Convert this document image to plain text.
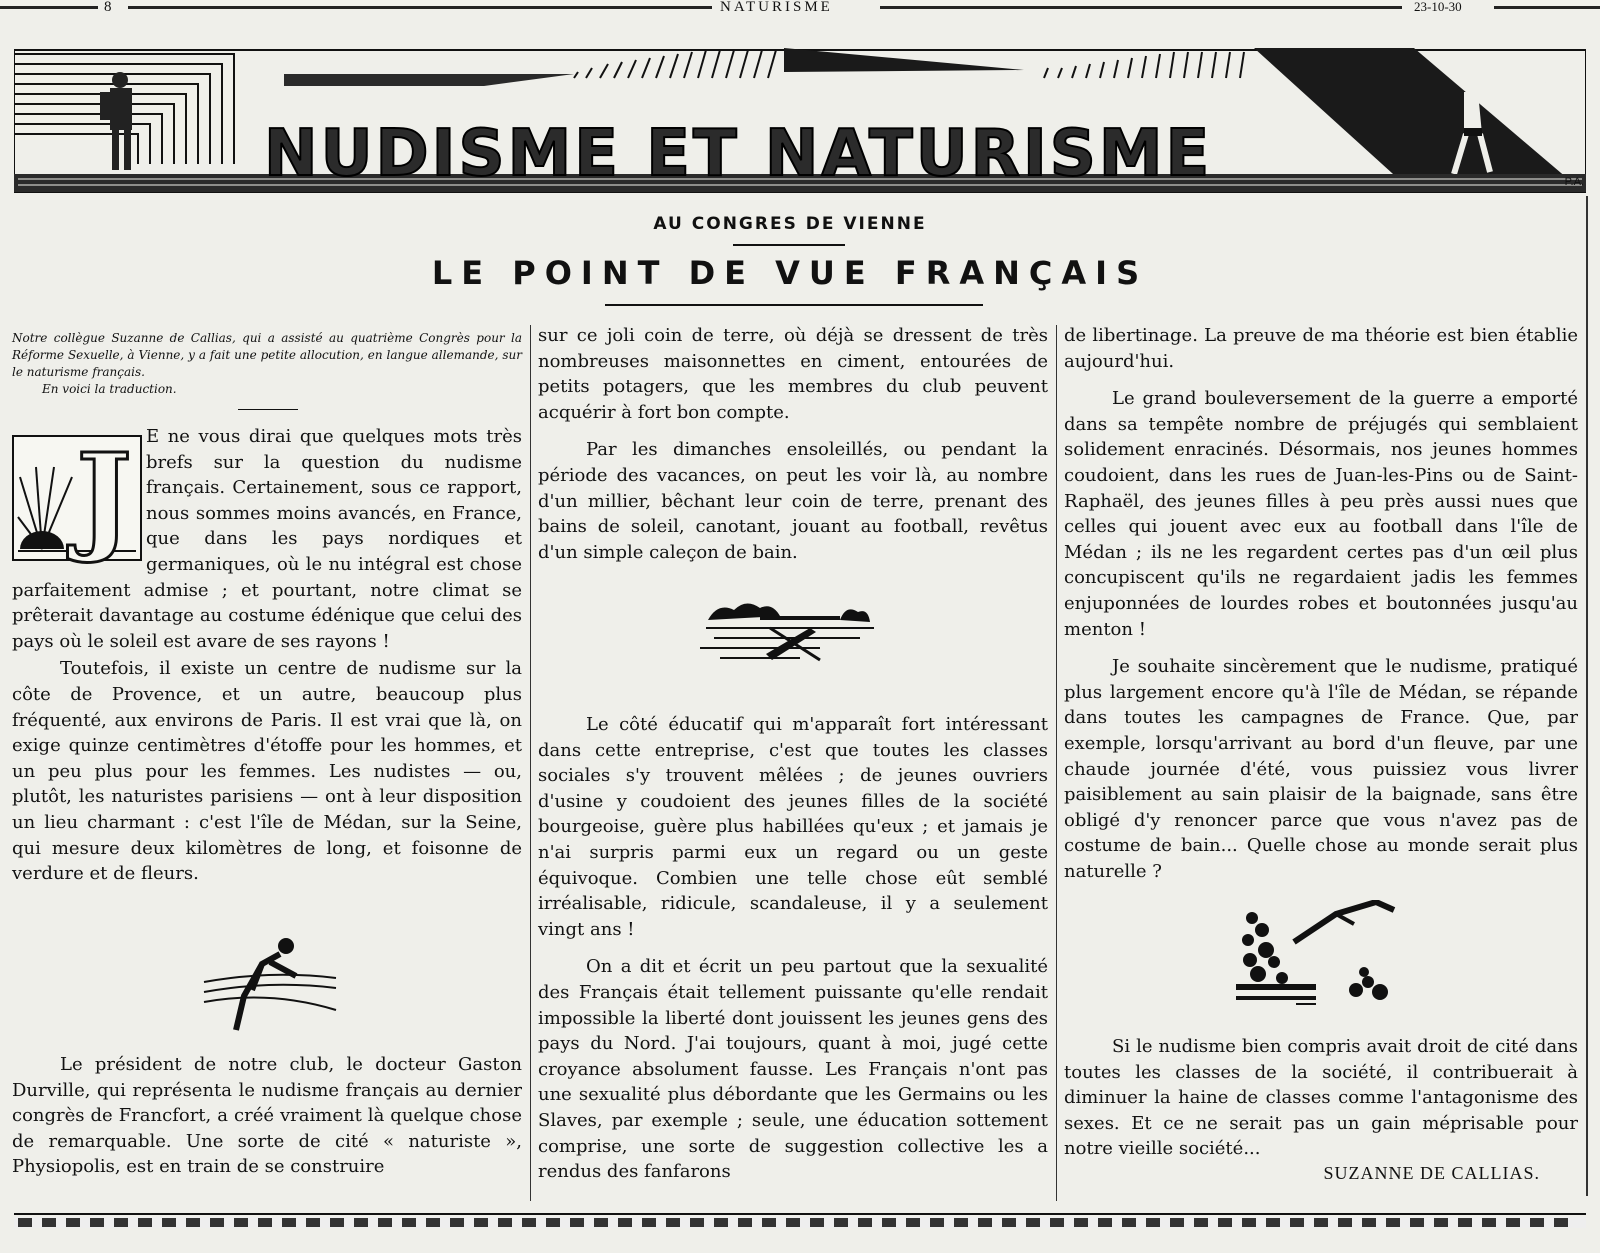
8	NATURISME	23-10-30
NUDISME ET NATURISME	P.A.
AU CONGRES DE VIENNE
LE POINT DE VUE FRANÇAIS
Notre collègue Suzanne de Callias, qui a assisté au quatrième Congrès pour la Réforme Sexuelle, à Vienne, y a fait une petite allocution, en langue allemande, sur le naturisme français.
En voici la traduction.
J E ne vous dirai que quelques mots très brefs sur la question du nudisme français. Certainement, sous ce rapport, nous sommes moins avancés, en France, que dans les pays nordiques et germaniques, où le nu intégral est chose parfaitement admise ; et pourtant, notre climat se prêterait davantage au costume édénique que celui des pays où le soleil est avare de ses rayons !

Toutefois, il existe un centre de nudisme sur la côte de Provence, et un autre, beaucoup plus fréquenté, aux environs de Paris. Il est vrai que là, on exige quinze centimètres d'étoffe pour les hommes, et un peu plus pour les femmes. Les nudistes — ou, plutôt, les naturistes parisiens — ont à leur disposition un lieu charmant : c'est l'île de Médan, sur la Seine, qui mesure deux kilomètres de long, et foisonne de verdure et de fleurs.

Le président de notre club, le docteur Gaston Durville, qui représenta le nudisme français au dernier congrès de Francfort, a créé vraiment là quelque chose de remarquable. Une sorte de cité « naturiste », Physiopolis, est en train de se construire

sur ce joli coin de terre, où déjà se dressent de très nombreuses maisonnettes en ciment, entourées de petits potagers, que les membres du club peuvent acquérir à fort bon compte.

Par les dimanches ensoleillés, ou pendant la période des vacances, on peut les voir là, au nombre d'un millier, bêchant leur coin de terre, prenant des bains de soleil, canotant, jouant au football, revêtus d'un simple caleçon de bain.

Le côté éducatif qui m'apparaît fort intéressant dans cette entreprise, c'est que toutes les classes sociales s'y trouvent mêlées ; de jeunes ouvriers d'usine y coudoient des jeunes filles de la société bourgeoise, guère plus habillées qu'eux ; et jamais je n'ai surpris parmi eux un regard ou un geste équivoque. Combien une telle chose eût semblé irréalisable, ridicule, scandaleuse, il y a seulement vingt ans !

On a dit et écrit un peu partout que la sexualité des Français était tellement puissante qu'elle rendait impossible la liberté dont jouissent les jeunes gens des pays du Nord. J'ai toujours, quant à moi, jugé cette croyance absolument fausse. Les Français n'ont pas une sexualité plus débordante que les Germains ou les Slaves, par exemple ; seule, une éducation sottement comprise, une sorte de suggestion collective les a rendus des fanfarons

de libertinage. La preuve de ma théorie est bien établie aujourd'hui.

Le grand bouleversement de la guerre a emporté dans sa tempête nombre de préjugés qui semblaient solidement enracinés. Désormais, nos jeunes hommes coudoient, dans les rues de Juan-les-Pins ou de Saint-Raphaël, des jeunes filles à peu près aussi nues que celles qui jouent avec eux au football dans l'île de Médan ; ils ne les regardent certes pas d'un œil plus concupiscent qu'ils ne regardaient jadis les femmes enjuponnées de lourdes robes et boutonnées jusqu'au menton !

Je souhaite sincèrement que le nudisme, pratiqué plus largement encore qu'à l'île de Médan, se répande dans toutes les campagnes de France. Que, par exemple, lorsqu'arrivant au bord d'un fleuve, par une chaude journée d'été, vous puissiez vous livrer paisiblement au sain plaisir de la baignade, sans être obligé d'y renoncer parce que vous n'avez pas de costume de bain... Quelle chose au monde serait plus naturelle ?

Si le nudisme bien compris avait droit de cité dans toutes les classes de la société, il contribuerait à diminuer la haine de classes comme l'antagonisme des sexes. Et ce ne serait pas un gain méprisable pour notre vieille société...

SUZANNE DE CALLIAS.
